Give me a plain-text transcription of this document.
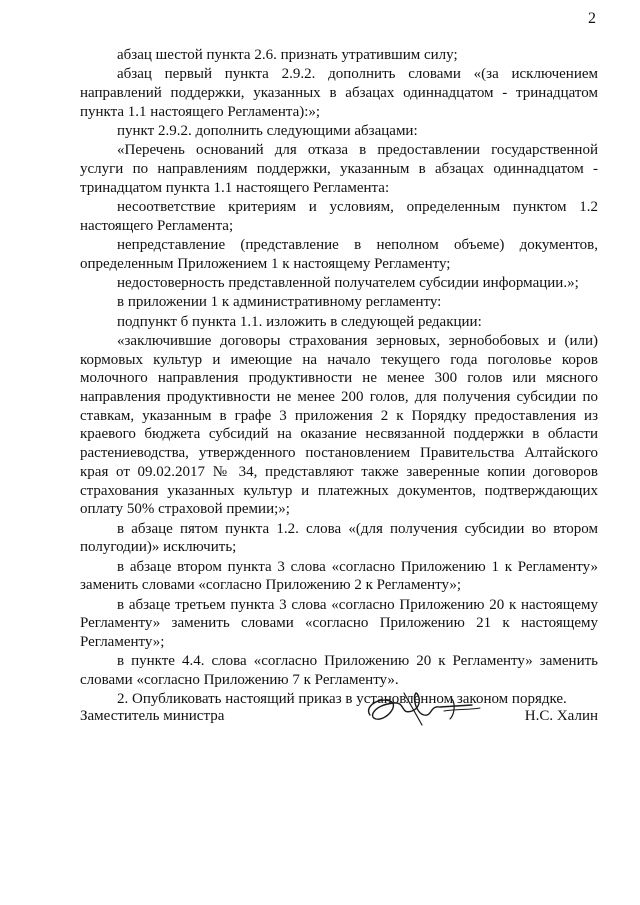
2

абзац шестой пункта 2.6. признать утратившим силу;

абзац первый пункта 2.9.2. дополнить словами «(за исключением направлений поддержки, указанных в абзацах одиннадцатом - тринадцатом пункта 1.1 настоящего Регламента):»;

пункт 2.9.2. дополнить следующими абзацами:

«Перечень оснований для отказа в предоставлении государственной услуги по направлениям поддержки, указанным в абзацах одиннадцатом - тринадцатом пункта 1.1 настоящего Регламента:

несоответствие критериям и условиям, определенным пунктом 1.2 настоящего Регламента;

непредставление (представление в неполном объеме) документов, определенным Приложением 1 к настоящему Регламенту;

недостоверность представленной получателем субсидии информации.»;

в приложении 1 к административному регламенту:

подпункт б пункта 1.1. изложить в следующей редакции:

«заключившие договоры страхования зерновых, зернобобовых и (или) кормовых культур и имеющие на начало текущего года поголовье коров молочного направления продуктивности не менее 300 голов или мясного направления продуктивности не менее 200 голов, для получения субсидии по ставкам, указанным в графе 3 приложения 2 к Порядку предоставления из краевого бюджета субсидий на оказание несвязанной поддержки в области растениеводства, утвержденного постановлением Правительства Алтайского края от 09.02.2017 № 34, представляют также заверенные копии договоров страхования указанных культур и платежных документов, подтверждающих оплату 50% страховой премии;»;

в абзаце пятом пункта 1.2. слова «(для получения субсидии во втором полугодии)» исключить;

в абзаце втором пункта 3 слова «согласно Приложению 1 к Регламенту» заменить словами «согласно Приложению 2 к Регламенту»;

в абзаце третьем пункта 3 слова «согласно Приложению 20 к настоящему Регламенту» заменить словами «согласно Приложению 21 к настоящему Регламенту»;

в пункте 4.4. слова «согласно Приложению 20 к Регламенту» заменить словами «согласно Приложению 7 к Регламенту».

2. Опубликовать настоящий приказ в установленном законом порядке.

Заместитель министра	Н.С. Халин
